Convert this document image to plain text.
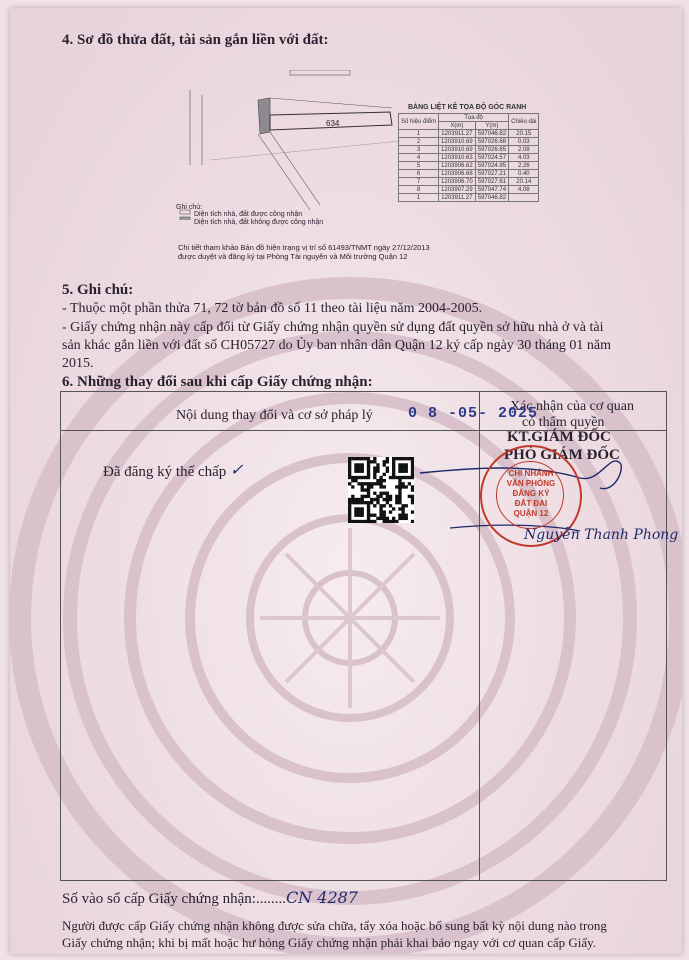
4. Sơ đồ thửa đất, tài sản gắn liền với đất:
634
Ghi chú:
Diện tích nhà, đất được công nhận
Diện tích nhà, đất không được công nhận
BẢNG LIỆT KÊ TỌA ĐỘ GÓC RANH
Số hiệu điểm	Tọa độ		Chiều dài
	X(m)	Y(m)	
1	1203911.27	597046.82	20.15
2	1203910.69	597026.68	0.03
3	1203910.69	597026.65	2.08
4	1203910.63	597024.57	4.03
5	1203906.62	597024.95	2.26
6	1203906.68	597027.21	0.40
7	1203906.70	597027.61	20.14
8	1203907.29	597047.74	4.08
1	1203911.27	597046.82	
Chi tiết tham khảo Bản đồ hiện trạng vị trí số 61493/TNMT ngày 27/12/2013
được duyệt và đăng ký tại Phòng Tài nguyên và Môi trường Quận 12
5. Ghi chú:
- Thuộc một phần thửa 71, 72 tờ bản đồ số 11 theo tài liệu năm 2004-2005.
- Giấy chứng nhận này cấp đổi từ Giấy chứng nhận quyền sử dụng đất quyền sở hữu nhà ở và tài
sản khác gắn liền với đất số CH05727 do Ủy ban nhân dân Quận 12 ký cấp ngày 30 tháng 01 năm
2015.
6. Những thay đổi sau khi cấp Giấy chứng nhận:
Nội dung thay đổi và cơ sở pháp lý
Xác nhận của cơ quan
có thẩm quyền
0 8 -05- 2025
Đã đăng ký thế chấp ✓
KT.GIÁM ĐỐC
PHÓ GIÁM ĐỐC
CHI NHÁNH
VĂN PHÒNG
ĐĂNG KÝ
ĐẤT ĐAI
QUẬN 12
Nguyễn Thanh Phong
Số vào sổ cấp Giấy chứng nhận:........CN 4287
Người được cấp Giấy chứng nhận không được sửa chữa, tẩy xóa hoặc bổ sung bất kỳ nội dung nào trong
Giấy chứng nhận; khi bị mất hoặc hư hỏng Giấy chứng nhận phải khai báo ngay với cơ quan cấp Giấy.
